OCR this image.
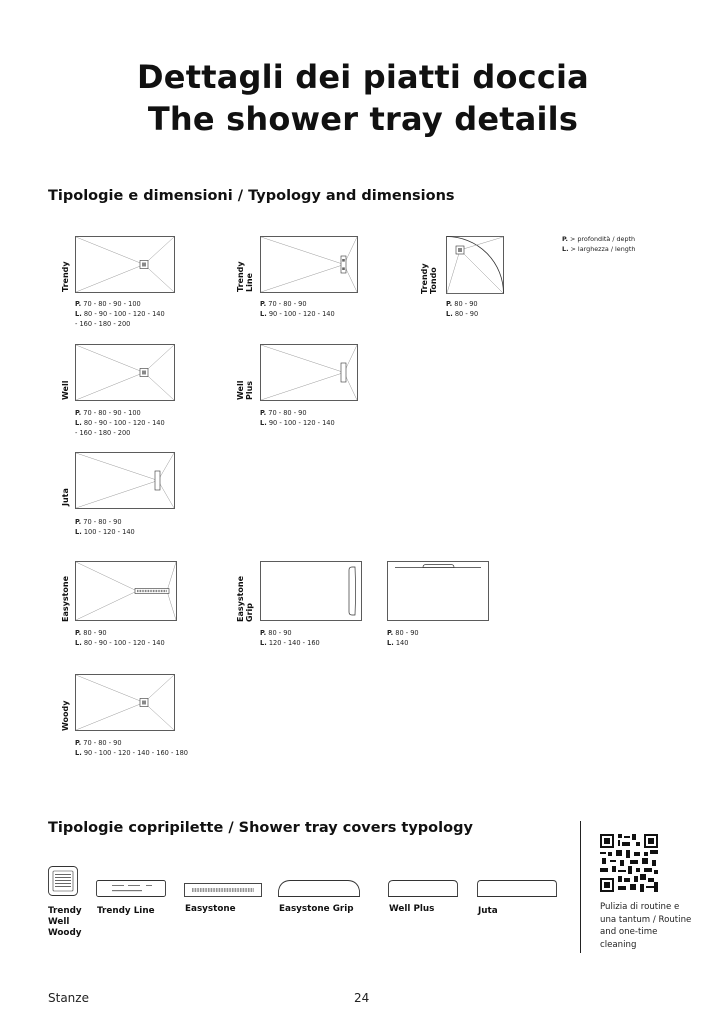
Dettagli dei piatti doccia
The shower tray details
Tipologie e dimensioni / Typology and dimensions
P. > profondità / depth
L. > larghezza / length
Trendy
P. 70 - 80 - 90 - 100
L. 80 - 90 - 100 - 120 - 140
- 160 - 180 - 200
Trendy
Line
P. 70 - 80 - 90
L. 90 - 100 - 120 - 140
Trendy
Tondo
P. 80 - 90
L. 80 - 90
Well
P. 70 - 80 - 90 - 100
L. 80 - 90 - 100 - 120 - 140
- 160 - 180 - 200
Well
Plus
P. 70 - 80 - 90
L. 90 - 100 - 120 - 140
Juta
P. 70 - 80 - 90
L. 100 - 120 - 140
Easystone
P. 80 - 90
L. 80 - 90 - 100 - 120 - 140
Easystone
Grip
P. 80 - 90
L. 120 - 140 - 160
P. 80 - 90
L. 140
Woody
P. 70 - 80 - 90
L. 90 - 100 - 120 - 140 - 160 - 180
Tipologie copripilette / Shower tray covers typology
Trendy
Well
Woody
Trendy Line	Easystone	Easystone Grip	Well Plus	Juta	Pulizia di routine e una tantum / Routine and one-time cleaning
Stanze	24
